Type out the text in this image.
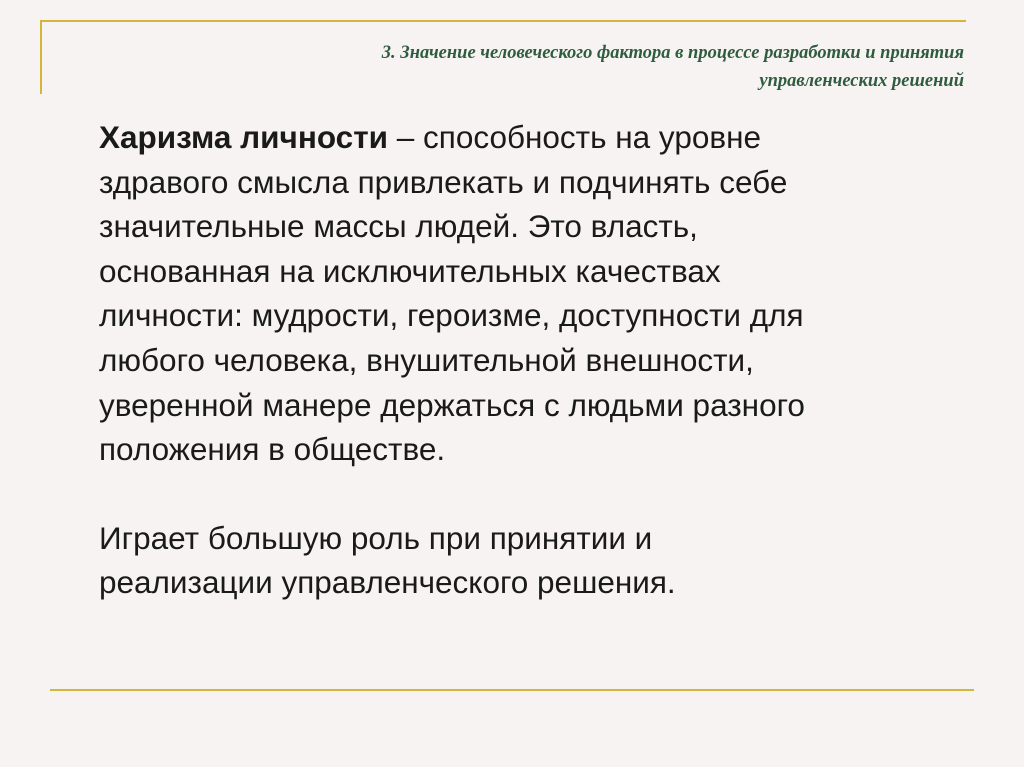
3. Значение человеческого фактора в процессе разработки и принятия
управленческих решений

Харизма личности – способность на уровне
здравого смысла привлекать и подчинять себе
значительные массы людей. Это власть,
основанная на исключительных качествах
личности: мудрости, героизме, доступности для
любого человека, внушительной внешности,
уверенной манере держаться с людьми разного
положения в обществе.

Играет большую роль при принятии и
реализации управленческого решения.
